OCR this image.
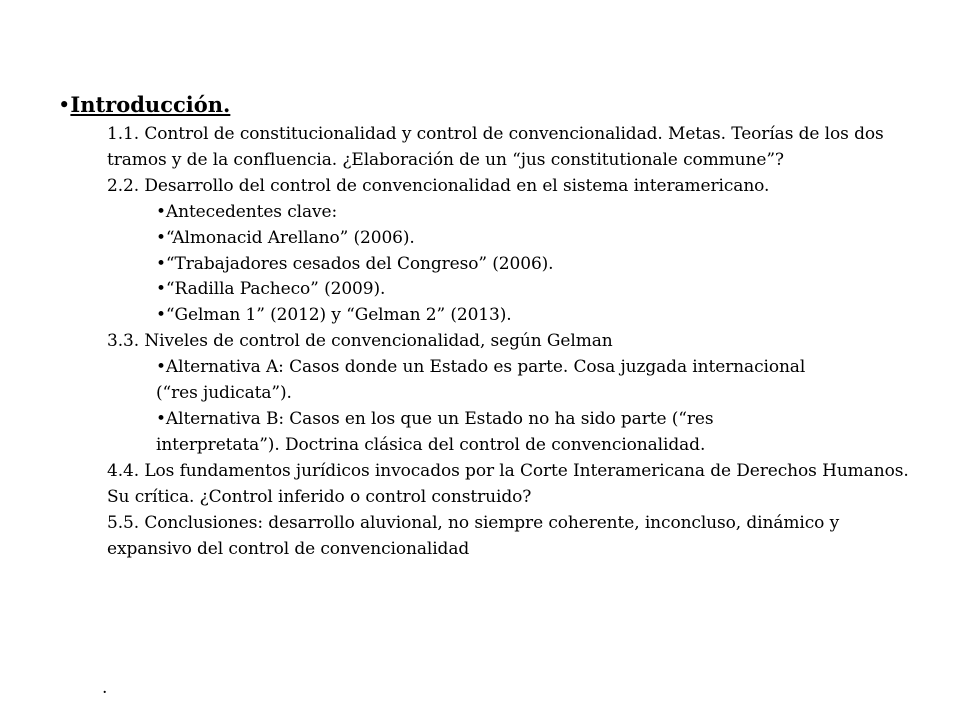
•Introducción.
1.1. Control de constitucionalidad y control de convencionalidad. Metas. Teorías de los dos tramos y de la confluencia. ¿Elaboración de un “jus constitutionale commune”?
2.2. Desarrollo del control de convencionalidad en el sistema interamericano.
•Antecedentes clave:
•“Almonacid Arellano” (2006).
•“Trabajadores cesados del Congreso” (2006).
•“Radilla Pacheco” (2009).
•“Gelman 1” (2012) y “Gelman 2” (2013).
3.3. Niveles de control de convencionalidad, según Gelman
•Alternativa A: Casos donde un Estado es parte. Cosa juzgada internacional (“res judicata”).
•Alternativa B: Casos en los que un Estado no ha sido parte (“res interpretata”). Doctrina clásica del control de convencionalidad.
4.4. Los fundamentos jurídicos invocados por la Corte Interamericana de Derechos Humanos. Su crítica. ¿Control inferido o control construido?
5.5. Conclusiones: desarrollo aluvional, no siempre coherente, inconcluso, dinámico y expansivo del control de convencionalidad
.
